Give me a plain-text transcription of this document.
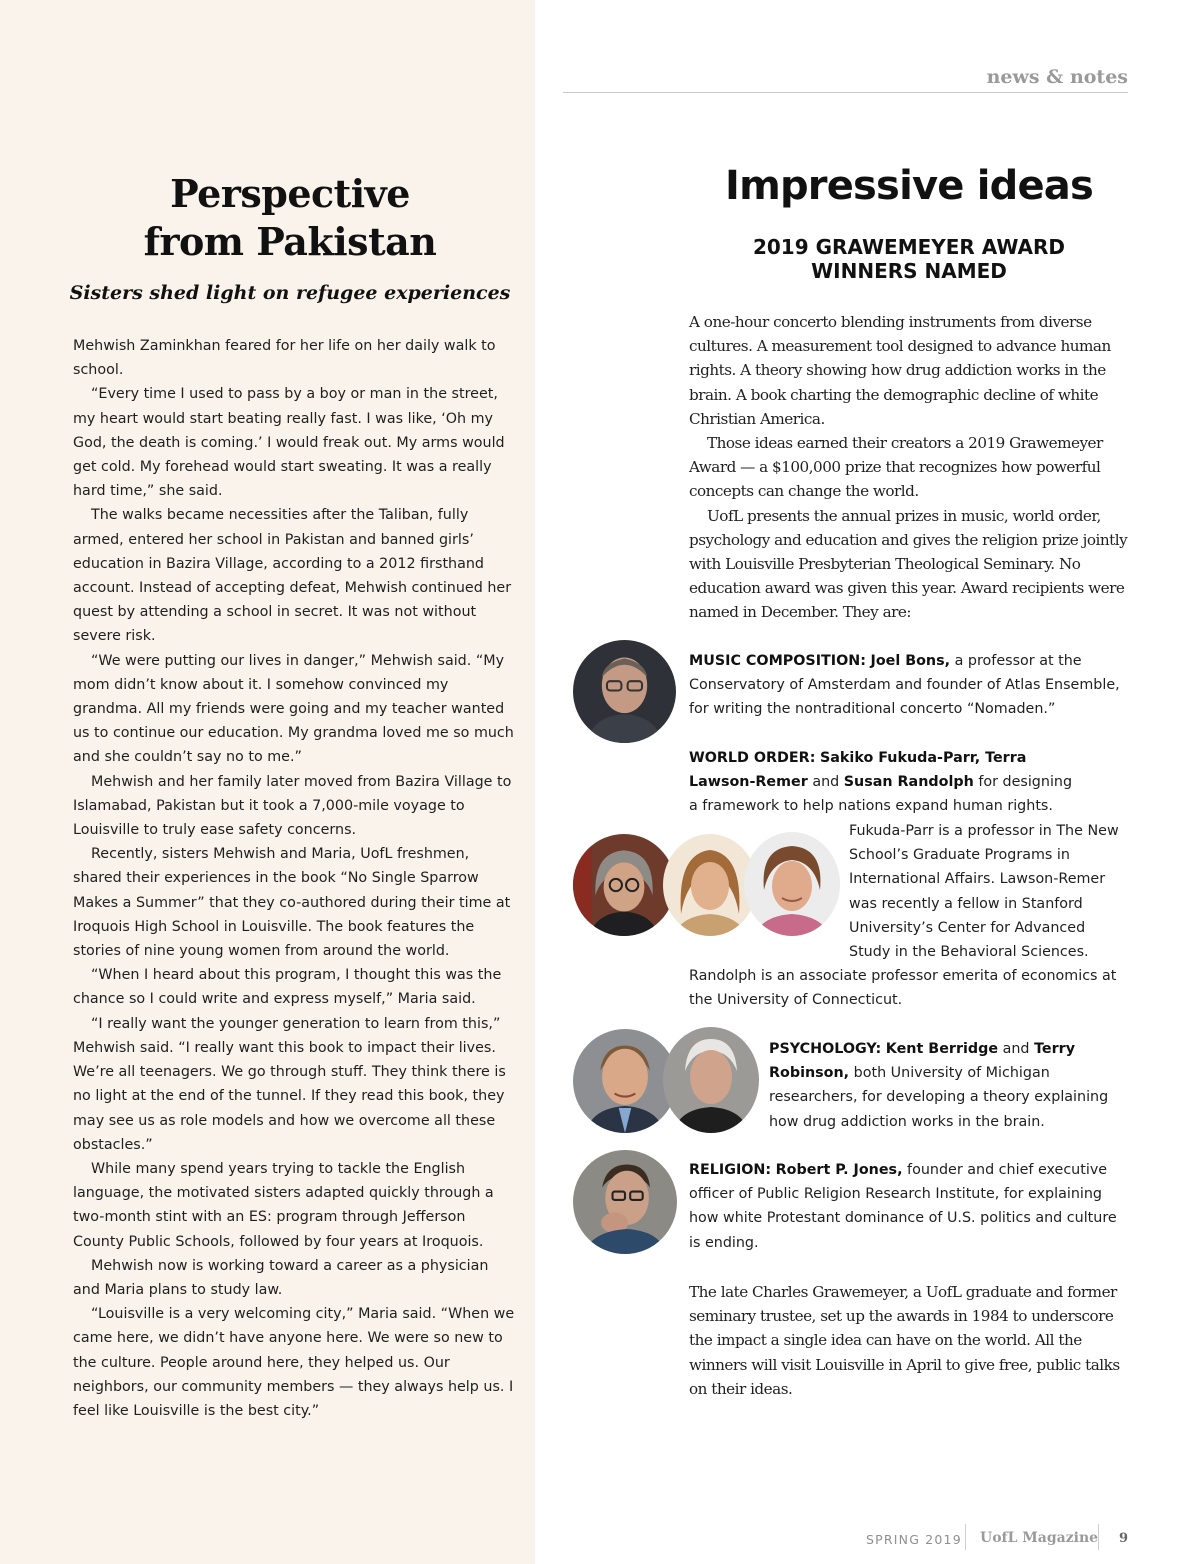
news & notes
Perspective
from Pakistan
Sisters shed light on refugee experiences

Mehwish Zaminkhan feared for her life on her daily walk to school.

“Every time I used to pass by a boy or man in the street, my heart would start beating really fast. I was like, ‘Oh my God, the death is coming.’ I would freak out. My arms would get cold. My forehead would start sweating. It was a really hard time,” she said.

The walks became necessities after the Taliban, fully armed, entered her school in Pakistan and banned girls’ education in Bazira Village, according to a 2012 firsthand account. Instead of accepting defeat, Mehwish continued her quest by attending a school in secret. It was not without severe risk.

“We were putting our lives in danger,” Mehwish said. “My mom didn’t know about it. I somehow convinced my grandma. All my friends were going and my teacher wanted us to continue our education. My grandma loved me so much and she couldn’t say no to me.”

Mehwish and her family later moved from Bazira Village to Islamabad, Pakistan but it took a 7,000-mile voyage to Louisville to truly ease safety concerns.

Recently, sisters Mehwish and Maria, UofL freshmen, shared their experiences in the book “No Single Sparrow Makes a Summer” that they co-authored during their time at Iroquois High School in Louisville. The book features the stories of nine young women from around the world.

“When I heard about this program, I thought this was the chance so I could write and express myself,” Maria said.

“I really want the younger generation to learn from this,” Mehwish said. “I really want this book to impact their lives. We’re all teenagers. We go through stuff. They think there is no light at the end of the tunnel. If they read this book, they may see us as role models and how we overcome all these obstacles.”

While many spend years trying to tackle the English language, the motivated sisters adapted quickly through a two-month stint with an ES: program through Jefferson County Public Schools, followed by four years at Iroquois.

Mehwish now is working toward a career as a physician and Maria plans to study law.

“Louisville is a very welcoming city,” Maria said. “When we came here, we didn’t have anyone here. We were so new to the culture. People around here, they helped us. Our neighbors, our community members — they always help us. I feel like Louisville is the best city.”

Impressive ideas
2019 GRAWEMEYER AWARD
WINNERS NAMED

A one-hour concerto blending instruments from diverse cultures. A measurement tool designed to advance human rights. A theory showing how drug addiction works in the brain. A book charting the demographic decline of white Christian America.

Those ideas earned their creators a 2019 Grawemeyer Award — a $100,000 prize that recognizes how powerful concepts can change the world.

UofL presents the annual prizes in music, world order, psychology and education and gives the religion prize jointly with Louisville Presbyterian Theological Seminary. No education award was given this year. Award recipients were named in December. They are:

MUSIC COMPOSITION: Joel Bons, a professor at the Conservatory of Amsterdam and founder of Atlas Ensemble, for writing the nontraditional concerto “Nomaden.”

WORLD ORDER: Sakiko Fukuda-Parr, Terra Lawson-Remer and Susan Randolph for designing a framework to help nations expand human rights.

Fukuda-Parr is a professor in The New School’s Graduate Programs in International Affairs. Lawson-Remer was recently a fellow in Stanford University’s Center for Advanced Study in the Behavioral Sciences.

Randolph is an associate professor emerita of economics at the University of Connecticut.

PSYCHOLOGY: Kent Berridge and Terry Robinson, both University of Michigan researchers, for developing a theory explaining how drug addiction works in the brain.

RELIGION: Robert P. Jones, founder and chief executive officer of Public Religion Research Institute, for explaining how white Protestant dominance of U.S. politics and culture is ending.

The late Charles Grawemeyer, a UofL graduate and former seminary trustee, set up the awards in 1984 to underscore the impact a single idea can have on the world. All the winners will visit Louisville in April to give free, public talks on their ideas.

SPRING 2019 UofL Magazine 9
